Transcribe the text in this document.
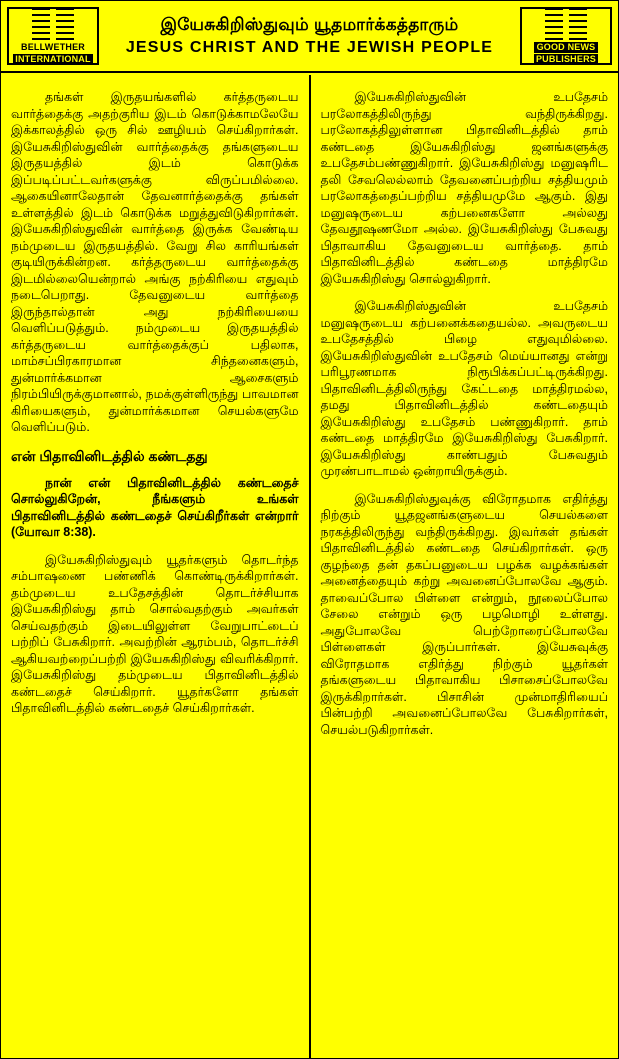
BELLWETHER
INTERNATIONAL
இயேசுகிறிஸ்துவும் யூதமார்க்கத்தாரும்
JESUS CHRIST AND THE JEWISH PEOPLE	GOOD NEWS
PUBLISHERS

தங்கள் இருதயங்களில் கர்த்தருடைய வார்த்தைக்கு அதற்குரிய இடம் கொடுக்காமலேயே இக்காலத்தில் ஒரு சில் ஊழியம் செய்கிறார்கள். இயேசுகிறிஸ்துவின் வார்த்தைக்கு தங்களுடைய இருதயத்தில் இடம் கொடுக்க இப்படிப்பட்டவர்களுக்கு விருப்பமில்லை. ஆகையினாலேதான் தேவனார்த்தைக்கு தங்கள் உள்ளத்தில் இடம் கொடுக்க மறுத்துவிடுகிறார்கள். இயேசுகிறிஸ்துவின் வார்த்தை இருக்க வேண்டிய நம்முடைய இருதயத்தில். வேறு சில காரியங்கள் குடியிருக்கின்றன. கர்த்தருடைய வார்த்தைக்கு இடமில்லையென்றால் அங்கு நற்கிரியை எதுவும் நடைபெறாது. தேவனுடைய வார்த்தை இருந்தால்தான் அது நற்கிரியையை வெளிப்படுத்தும். நம்முடைய இருதயத்தில் கர்த்தருடைய வார்த்தைக்குப் பதிலாக, மாம்சப்பிரகாரமான சிந்தனைகளும், துன்மார்க்கமான ஆசைகளும் நிரம்பியிருக்குமானால், நமக்குள்ளிருந்து பாவமான கிரியைகளும், துன்மார்க்கமான செயல்களுமே வெளிப்படும்.

என் பிதாவினிடத்தில் கண்டதது

நான் என் பிதாவினிடத்தில் கண்டதைச் சொல்லுகிறேன், நீங்களும் உங்கள் பிதாவினிடத்தில் கண்டதைச் செய்கிறீர்கள் என்றார் (யோவா 8:38).

இயேசுகிறிஸ்துவும் யூதர்களும் தொடர்ந்த சம்பாஷணை பண்ணிக் கொண்டிருக்கிறார்கள். தம்முடைய உபதேசத்தின் தொடர்ச்சியாக இயேசுகிறிஸ்து தாம் சொல்வதற்கும் அவர்கள் செய்வதற்கும் இடையிலுள்ள வேறுபாட்டைப் பற்றிப் பேசுகிறார். அவற்றின் ஆரம்பம், தொடர்ச்சி ஆகியவற்றைப்பற்றி இயேசுகிறிஸ்து விவரிக்கிறார். இயேசுகிறிஸ்து தம்முடைய பிதாவினிடத்தில் கண்டதைச் செய்கிறார். யூதர்களோ தங்கள் பிதாவினிடத்தில் கண்டதைச் செய்கிறார்கள்.

இயேசுகிறிஸ்துவின் உபதேசம் பரலோகத்திலிருந்து வந்திருக்கிறது. பரலோகத்திலுள்ளான பிதாவினிடத்தில் தாம் கண்டதை இயேசுகிறிஸ்து ஜனங்களுக்கு உபதேசம்பண்ணுகிறார். இயேசுகிறிஸ்து மனுஷரிட தலி சேவலெல்லாம் தேவனைப்பற்றிய சத்தியமும் பரலோகத்தைப்பற்றிய சத்தியமுமே ஆகும். இது மனுஷருடைய கற்பனைகளோ அல்லது தேவதூஷணமோ அல்ல. இயேசுகிறிஸ்து பேசுவது பிதாவாகிய தேவனுடைய வார்த்தை. தாம் பிதாவினிடத்தில் கண்டதை மாத்திரமே இயேசுகிறிஸ்து சொல்லுகிறார்.

இயேசுகிறிஸ்துவின் உபதேசம் மனுஷருடைய கற்பனைக்கதையல்ல. அவருடைய உபதேசத்தில் பிழை எதுவுமில்லை. இயேசுகிறிஸ்துவின் உபதேசம் மெய்யானது என்று பரிபூரணமாக நிரூபிக்கப்பட்டிருக்கிறது. பிதாவினிடத்திலிருந்து கேட்டதை மாத்திரமல்ல, தமது பிதாவினிடத்தில் கண்டதையும் இயேசுகிறிஸ்து உபதேசம் பண்ணுகிறார். தாம் கண்டதை மாத்திரமே இயேசுகிறிஸ்து பேசுகிறார். இயேசுகிறிஸ்து காண்பதும் பேசுவதும் முரண்பாடாமல் ஒன்றாயிருக்கும்.

இயேசுகிறிஸ்துவுக்கு விரோதமாக எதிர்த்து நிற்கும் யூதஜனங்களுடைய செயல்களை நரகத்திலிருந்து வந்திருக்கிறது. இவர்கள் தங்கள் பிதாவினிடத்தில் கண்டதை செய்கிறார்கள். ஒரு குழந்தை தன் தகப்பனுடைய பழக்க வழக்கங்கள் அனைத்தையும் கற்று அவனைப்போலவே ஆகும். தாவைப்போல பிள்ளை என்றும், நூலைப்போல சேலை என்றும் ஒரு பழமொழி உள்ளது. அதுபோலவே பெற்றோரைப்போலவே பிள்ளைகள் இருப்பார்கள். இயேசுவுக்கு விரோதமாக எதிர்த்து நிற்கும் யூதர்கள் தங்களுடைய பிதாவாகிய பிசாசைப்போலவே இருக்கிறார்கள். பிசாசின் முன்மாதிரியைப் பின்பற்றி அவனைப்போலவே பேசுகிறார்கள், செயல்படுகிறார்கள்.
